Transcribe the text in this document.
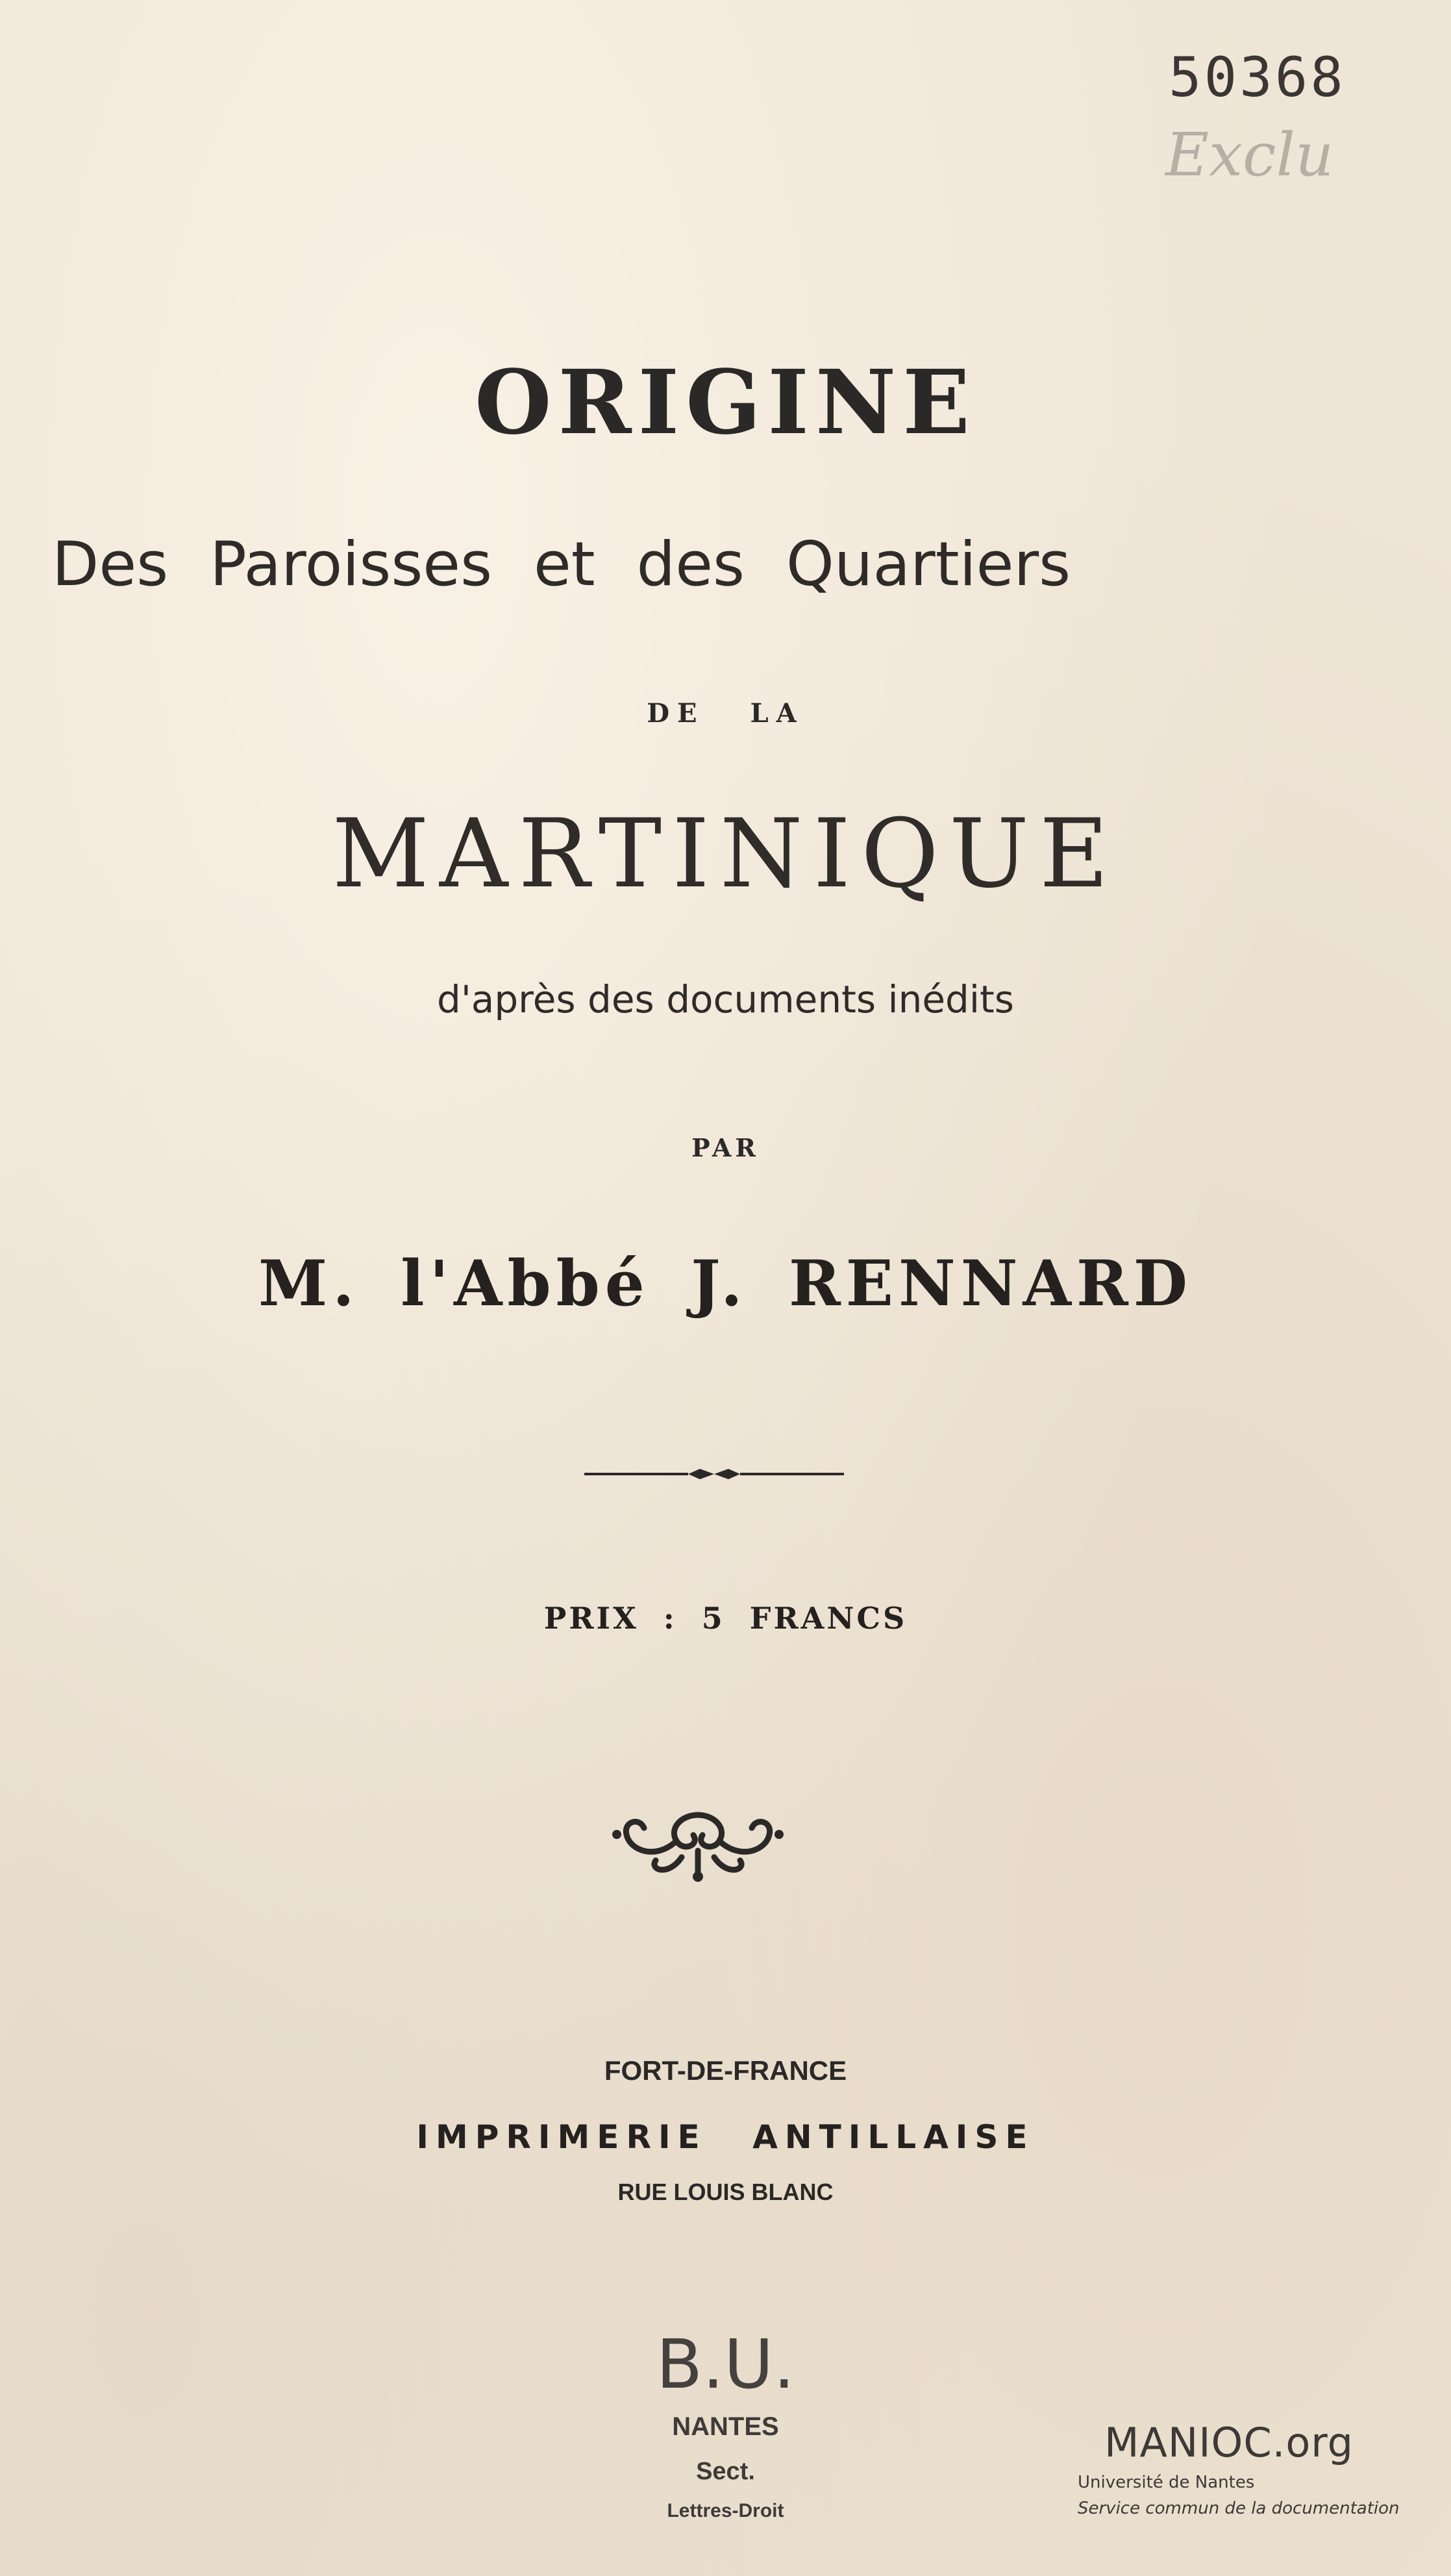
50368
Exclu
ORIGINE
Des Paroisses et des Quartiers
DE LA
MARTINIQUE
d'après des documents inédits
PAR
M. l'Abbé J. RENNARD
PRIX : 5 FRANCS
FORT-DE-FRANCE
IMPRIMERIE ANTILLAISE
RUE LOUIS BLANC
B.U.
NANTES
Sect.
Lettres-Droit
MANIOC.org
Université de Nantes
Service commun de la documentation
